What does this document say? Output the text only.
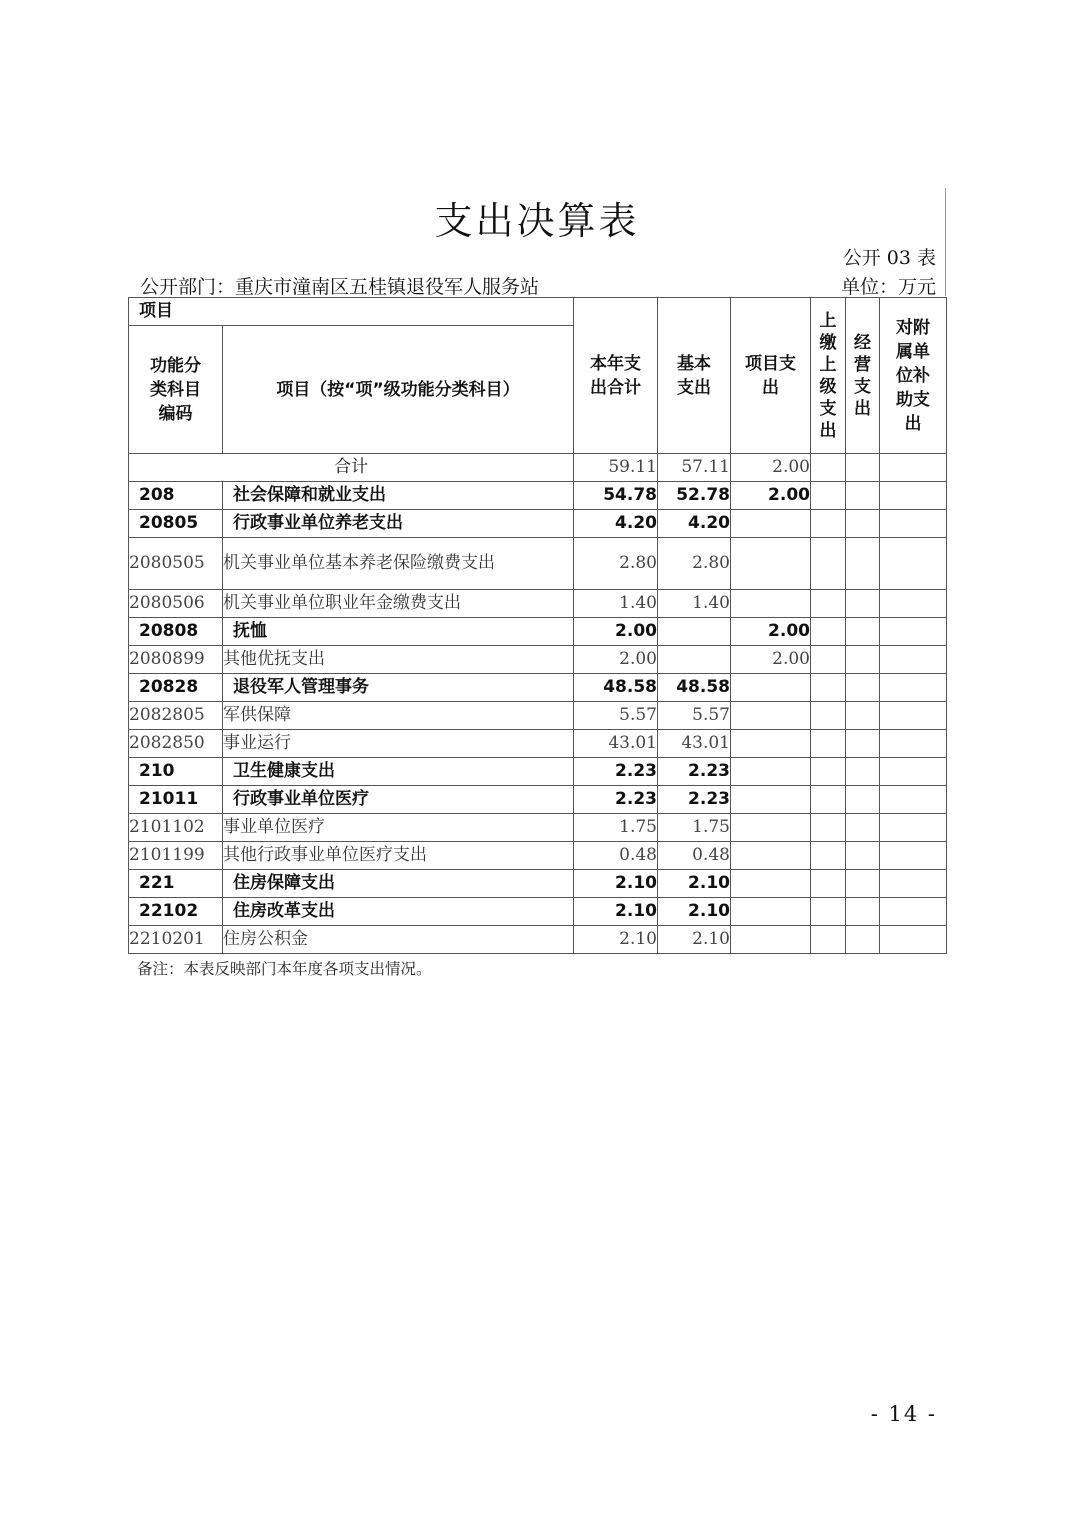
支出决算表
公开 03 表
公开部门：重庆市潼南区五桂镇退役军人服务站	单位：万元
项目		本年支出合计	基本支出	项目支出	上缴上级支出	经营支出	对附属单位补助支出

功能分类科目编码	项目（按“项”级功能分类科目）						
合计		59.11	57.11	2.00			
208	社会保障和就业支出	54.78	52.78	2.00			
20805	行政事业单位养老支出	4.20	4.20				
2080505	机关事业单位基本养老保险缴费支出	2.80	2.80				
2080506	机关事业单位职业年金缴费支出	1.40	1.40				
20808	抚恤	2.00		2.00			
2080899	其他优抚支出	2.00		2.00			
20828	退役军人管理事务	48.58	48.58				
2082805	军供保障	5.57	5.57				
2082850	事业运行	43.01	43.01				
210	卫生健康支出	2.23	2.23				
21011	行政事业单位医疗	2.23	2.23				
2101102	事业单位医疗	1.75	1.75				
2101199	其他行政事业单位医疗支出	0.48	0.48				
221	住房保障支出	2.10	2.10				
22102	住房改革支出	2.10	2.10				
2210201	住房公积金	2.10	2.10				
备注：本表反映部门本年度各项支出情况。
- 14 -
